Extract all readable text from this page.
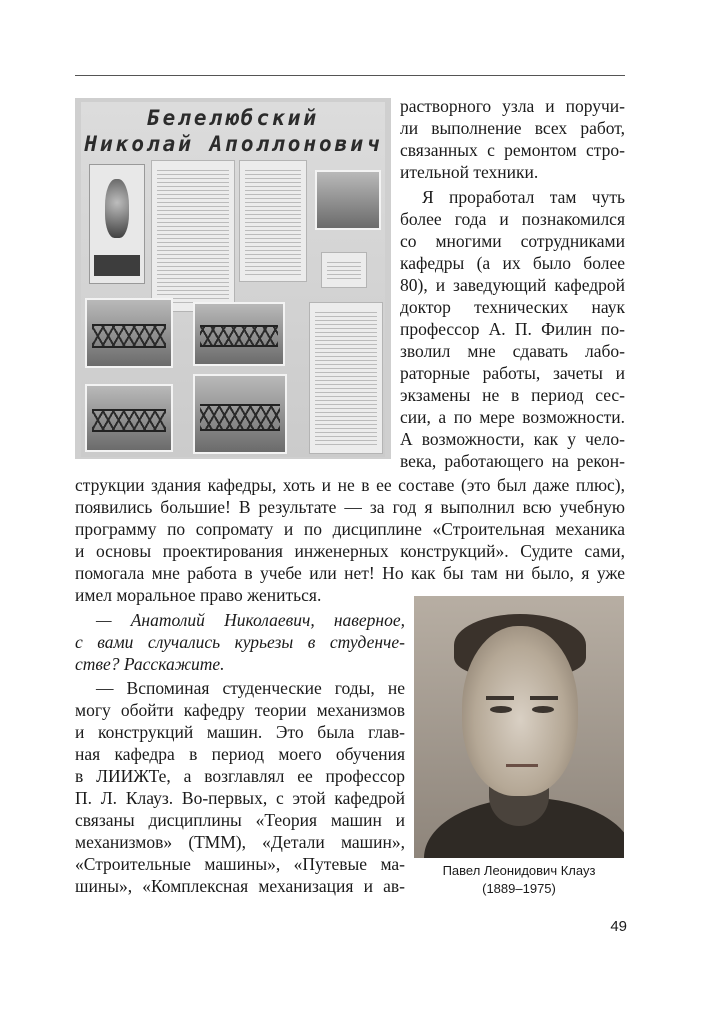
Белелюбский
Николай Аполлонович
растворного узла и поручи-
ли выполнение всех работ,
связанных с ремонтом стро-
ительной техники.
Я проработал там чуть
более года и познакомился
со многими сотрудниками
кафедры (а их было более
80), и заведующий кафедрой
доктор технических наук
профессор А. П. Филин по-
зволил мне сдавать лабо-
раторные работы, зачеты и
экзамены не в период сес-
сии, а по мере возможности.
А возможности, как у чело-
века, работающего на рекон-
струкции здания кафедры, хоть и не в ее составе (это был даже плюс),
появились большие! В результате — за год я выполнил всю учебную
программу по сопромату и по дисциплине «Строительная механика
и основы проектирования инженерных конструкций». Судите сами,
помогала мне работа в учебе или нет! Но как бы там ни было, я уже
имел моральное право жениться.
— Анатолий Николаевич, наверное,
с вами случались курьезы в студенче-
стве? Расскажите.
— Вспоминая студенческие годы, не
могу обойти кафедру теории механизмов
и конструкций машин. Это была глав-
ная кафедра в период моего обучения
в ЛИИЖТе, а возглавлял ее профессор
П. Л. Клауз. Во-первых, с этой кафедрой
связаны дисциплины «Теория машин и
механизмов» (ТММ), «Детали машин»,
«Строительные машины», «Путевые ма-
шины», «Комплексная механизация и ав-
Павел Леонидович Клауз
(1889–1975)
49
